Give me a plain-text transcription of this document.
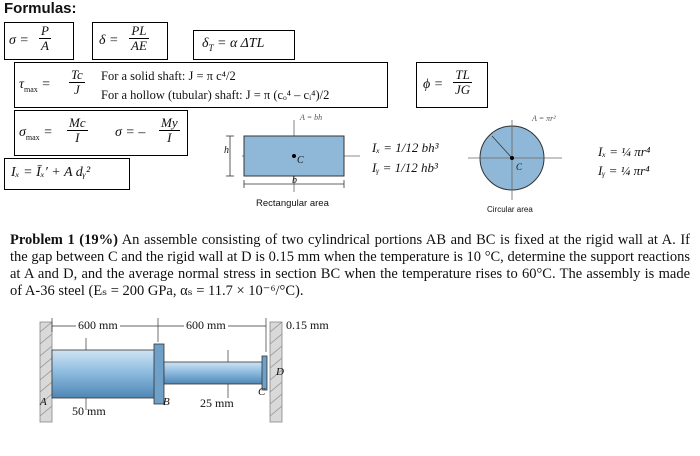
Formulas:
$\sigma = \frac{P}{A}$	$\delta = \frac{PL}{AE}$	$\delta_T = \alpha$ ΔTL
$\tau_{max} = \frac{Tc}{J}$ For a solid shaft: J = π c⁴/2
For a hollow (tubular) shaft: J = π (cₒ⁴ – cᵢ⁴)/2
$\phi = \frac{TL}{JG}$
$\sigma_{max} = \frac{Mc}{I}$ σ = – $\frac{My}{I}$
Iₓ = Īₓ′ + A dᵧ²
A = bh
h
b
C
Rectangular area
Iₓ = 1/12 bh³
Iᵧ = 1/12 hb³
A = πr²
C
Circular area
Iₓ = ¼ πr⁴
Iᵧ = ¼ πr⁴
Problem 1 (19%) An assemble consisting of two cylindrical portions AB and BC is fixed at the rigid wall at A. If the gap between C and the rigid wall at D is 0.15 mm when the temperature is 10 °C, determine the support reactions at A and D, and the average normal stress in section BC when the temperature rises to 60°C. The assembly is made of A-36 steel (Eₛ = 200 GPa, αₛ = 11.7 × 10⁻⁶/°C).
600 mm	600 mm	0.15 mm
50 mm
25 mm
A	B
C
D
